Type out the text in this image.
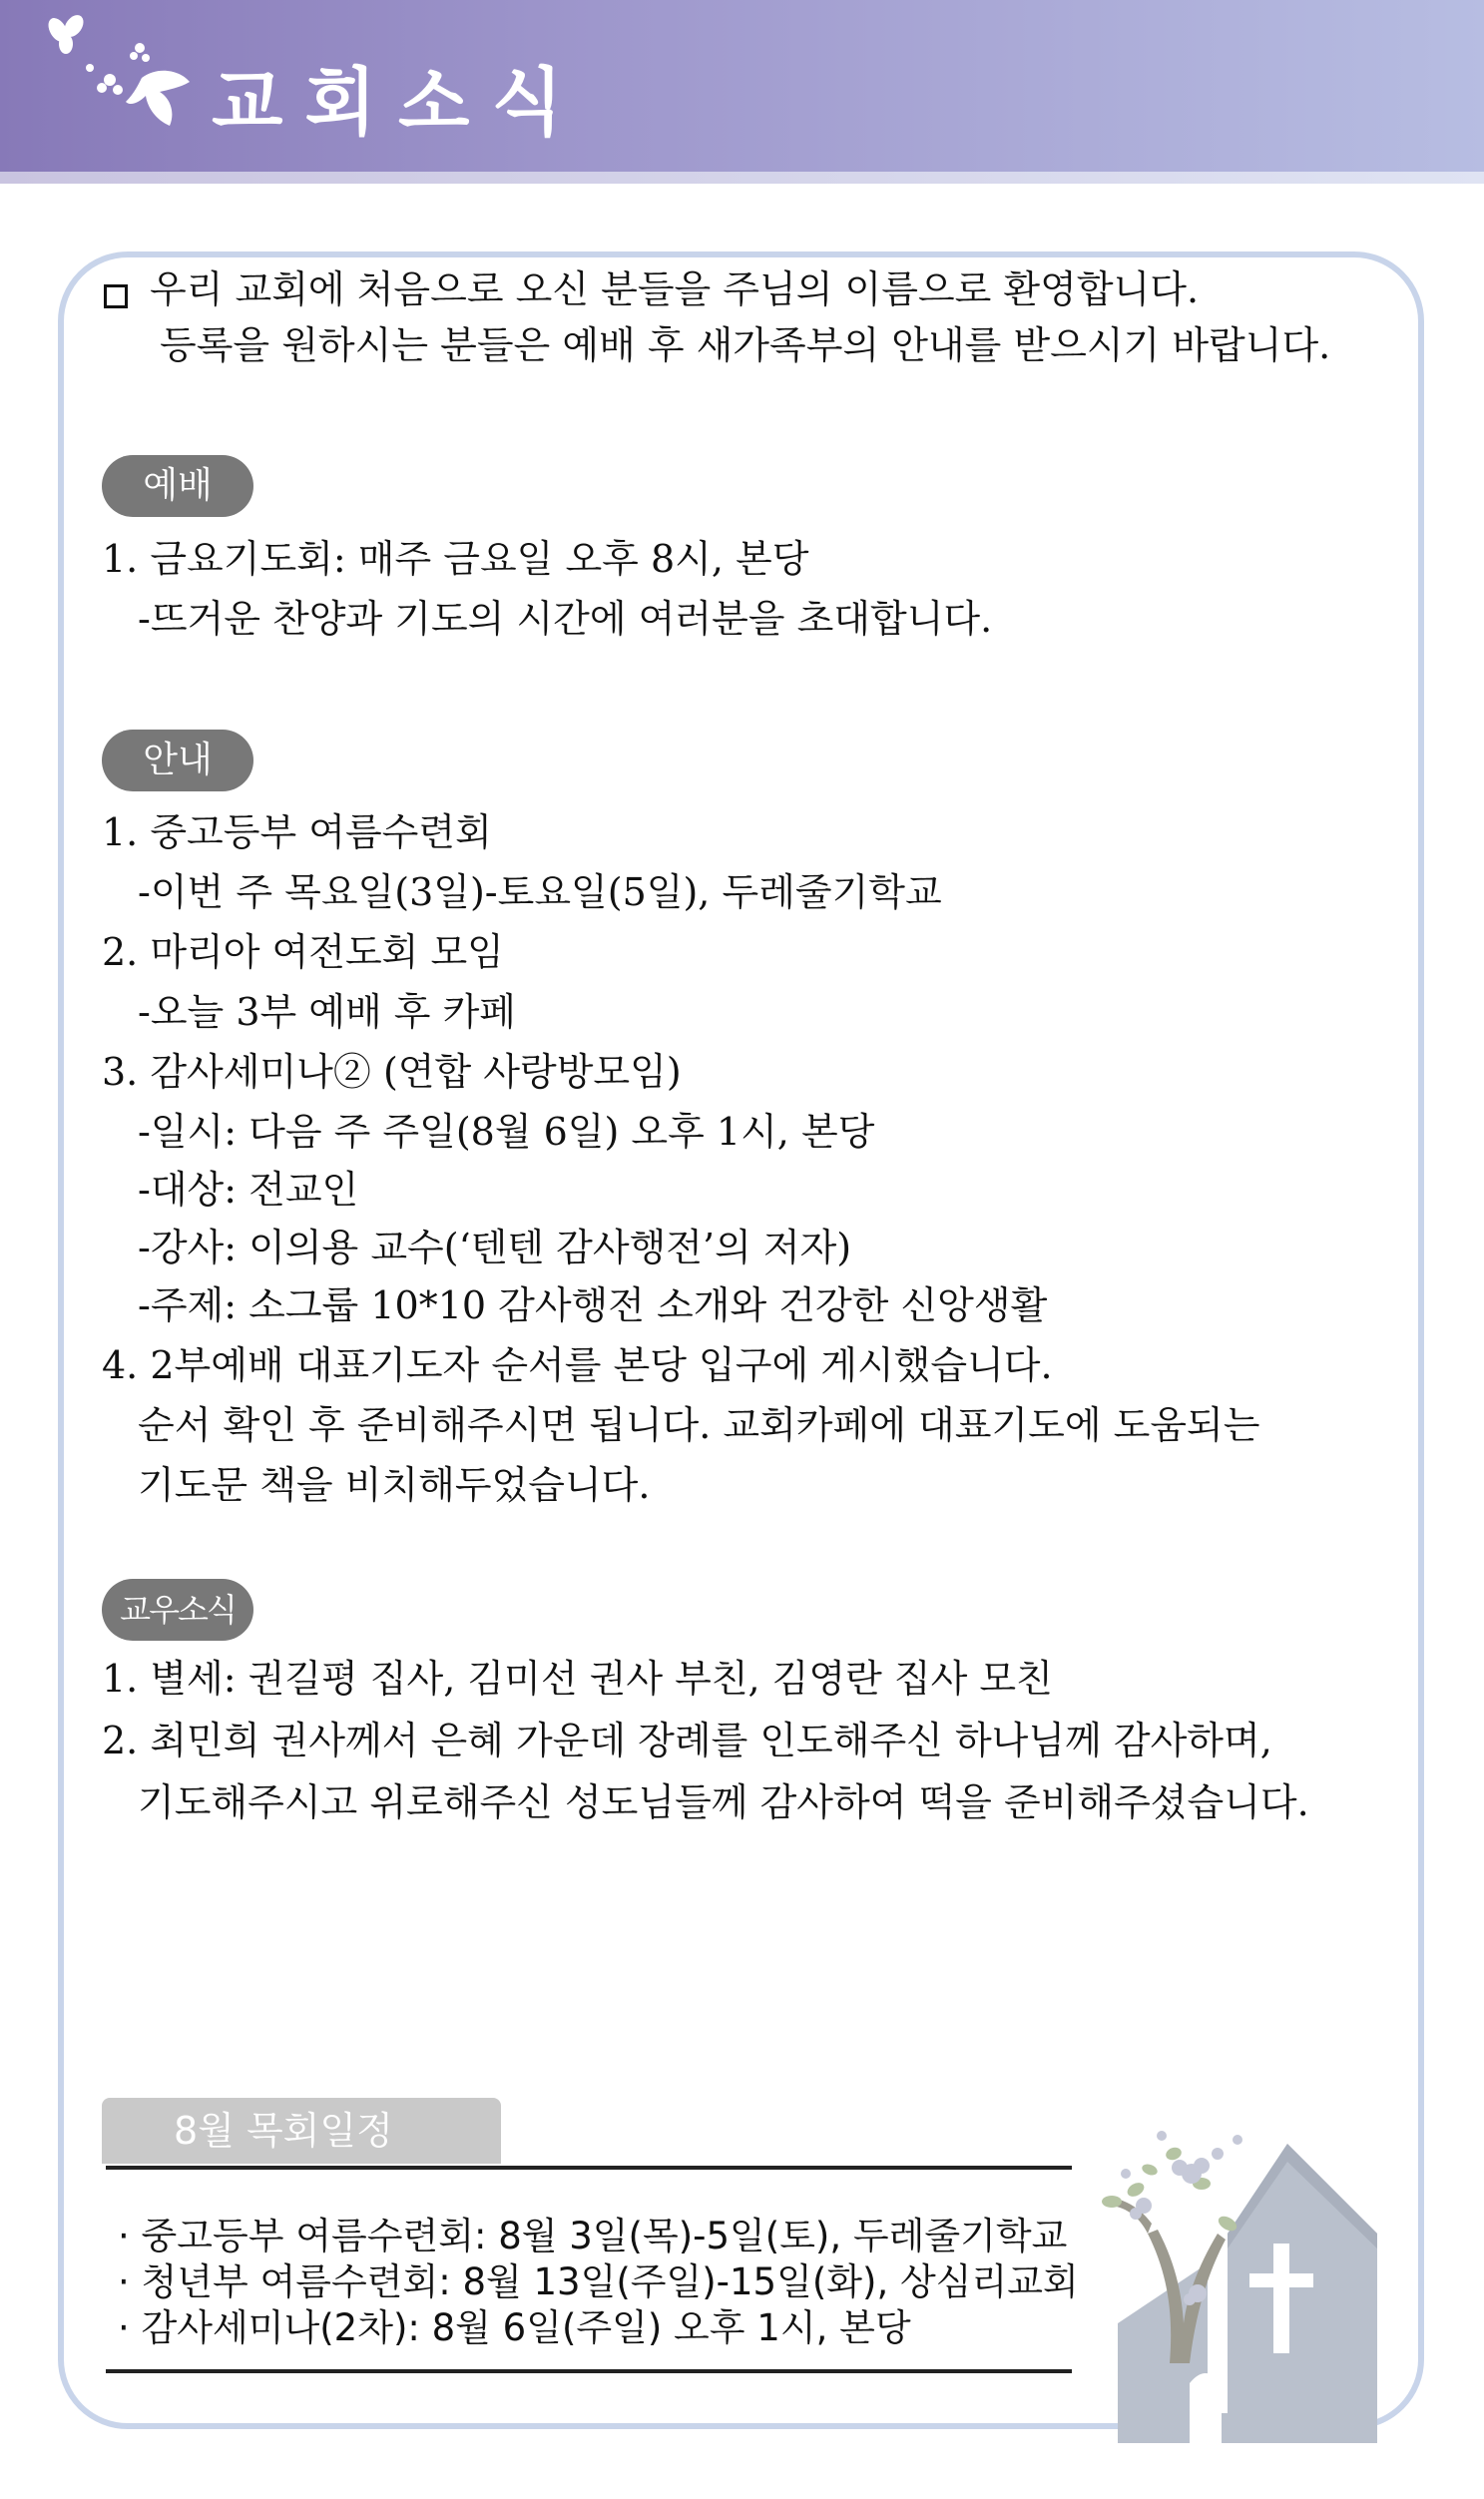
교회소식
우리 교회에 처음으로 오신 분들을 주님의 이름으로 환영합니다.
등록을 원하시는 분들은 예배 후 새가족부의 안내를 받으시기 바랍니다.
예배
1. 금요기도회: 매주 금요일 오후 8시, 본당
-뜨거운 찬양과 기도의 시간에 여러분을 초대합니다.
안내
1. 중고등부 여름수련회
-이번 주 목요일(3일)-토요일(5일), 두레줄기학교
2. 마리아 여전도회 모임
-오늘 3부 예배 후 카페
3. 감사세미나② (연합 사랑방모임)
-일시: 다음 주 주일(8월 6일) 오후 1시, 본당
-대상: 전교인
-강사: 이의용 교수(‘텐텐 감사행전’의 저자)
-주제: 소그룹 10*10 감사행전 소개와 건강한 신앙생활
4. 2부예배 대표기도자 순서를 본당 입구에 게시했습니다.
순서 확인 후 준비해주시면 됩니다. 교회카페에 대표기도에 도움되는
기도문 책을 비치해두었습니다.
교우소식
1. 별세: 권길평 집사, 김미선 권사 부친, 김영란 집사 모친
2. 최민희 권사께서 은혜 가운데 장례를 인도해주신 하나님께 감사하며,
기도해주시고 위로해주신 성도님들께 감사하여 떡을 준비해주셨습니다.
8월 목회일정
· 중고등부 여름수련회: 8월 3일(목)-5일(토), 두레줄기학교
· 청년부 여름수련회: 8월 13일(주일)-15일(화), 상심리교회
· 감사세미나(2차): 8월 6일(주일) 오후 1시, 본당
